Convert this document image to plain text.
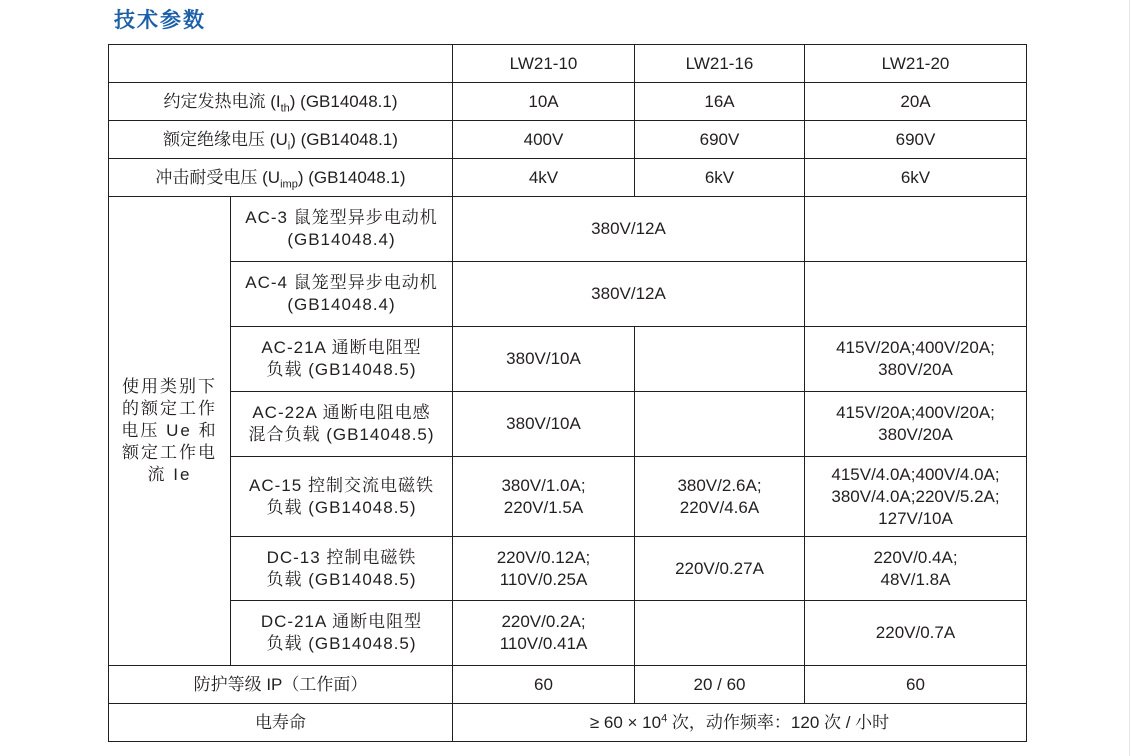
技术参数
		LW21-10	LW21-16	LW21-20
约定发热电流 $(I_{th})$ (GB14048.1)		10A	16A	20A
额定绝缘电压 $(U_i)$ (GB14048.1)		400V	690V	690V
冲击耐受电压 $(U_{imp})$ (GB14048.1)		4kV	6kV	6kV

使用类别下
的额定工作
电压 Ue 和
额定工作电
流 Ie	AC-3 鼠笼型异步电动机
(GB14048.4)	380V/12A		

	AC-4 鼠笼型异步电动机
(GB14048.4)	380V/12A		

	AC-21A 通断电阻型
负载 (GB14048.5)	380V/10A		415V/20A;400V/20A;
380V/20A

	AC-22A 通断电阻电感
混合负载 (GB14048.5)	380V/10A		415V/20A;400V/20A;
380V/20A

	AC-15 控制交流电磁铁
负载 (GB14048.5)	380V/1.0A;
220V/1.5A	380V/2.6A;
220V/4.6A	415V/4.0A;400V/4.0A;
380V/4.0A;220V/5.2A;
127V/10A

	DC-13 控制电磁铁
负载 (GB14048.5)	220V/0.12A;
110V/0.25A	220V/0.27A	220V/0.4A;
48V/1.8A

	DC-21A 通断电阻型
负载 (GB14048.5)	220V/0.2A;
110V/0.41A		220V/0.7A

防护等级 IP（工作面）		60	20 / 60	60
电寿命		≥ $60 \times 10^4$ 次，动作频率：120 次 / 小时		
